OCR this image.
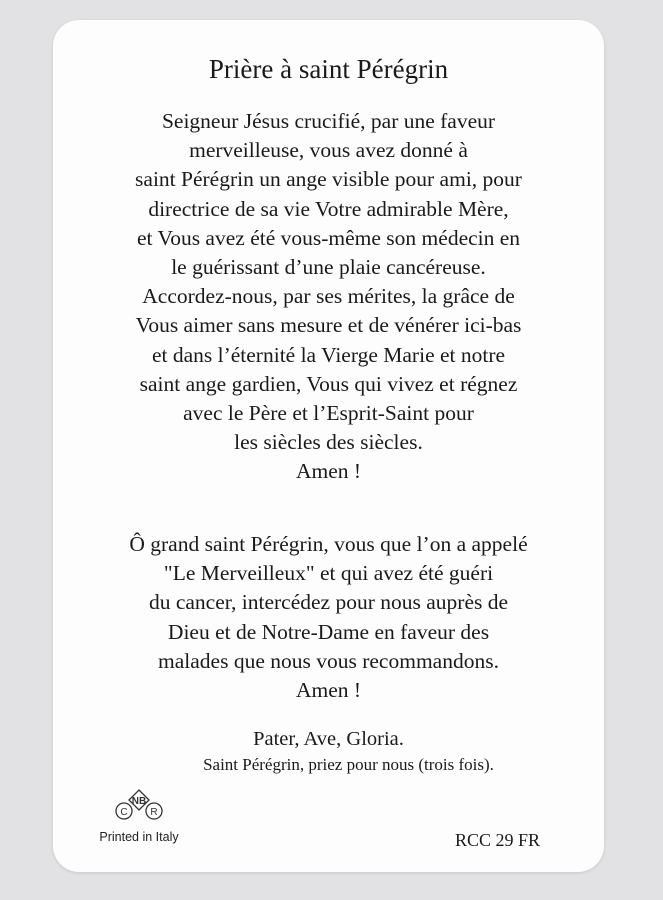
Prière à saint Pérégrin
Seigneur Jésus crucifié, par une faveur
merveilleuse, vous avez donné à
saint Pérégrin un ange visible pour ami, pour
directrice de sa vie Votre admirable Mère,
et Vous avez été vous-même son médecin en
le guérissant d’une plaie cancéreuse.
Accordez-nous, par ses mérites, la grâce de
Vous aimer sans mesure et de vénérer ici-bas
et dans l’éternité la Vierge Marie et notre
saint ange gardien, Vous qui vivez et régnez
avec le Père et l’Esprit-Saint pour
les siècles des siècles.
Amen !
Ô grand saint Pérégrin, vous que l’on a appelé
"Le Merveilleux" et qui avez été guéri
du cancer, intercédez pour nous auprès de
Dieu et de Notre-Dame en faveur des
malades que nous vous recommandons.
Amen !
Pater, Ave, Gloria.
Saint Pérégrin, priez pour nous (trois fois).
NB
C R
Printed in Italy	RCC 29 FR
